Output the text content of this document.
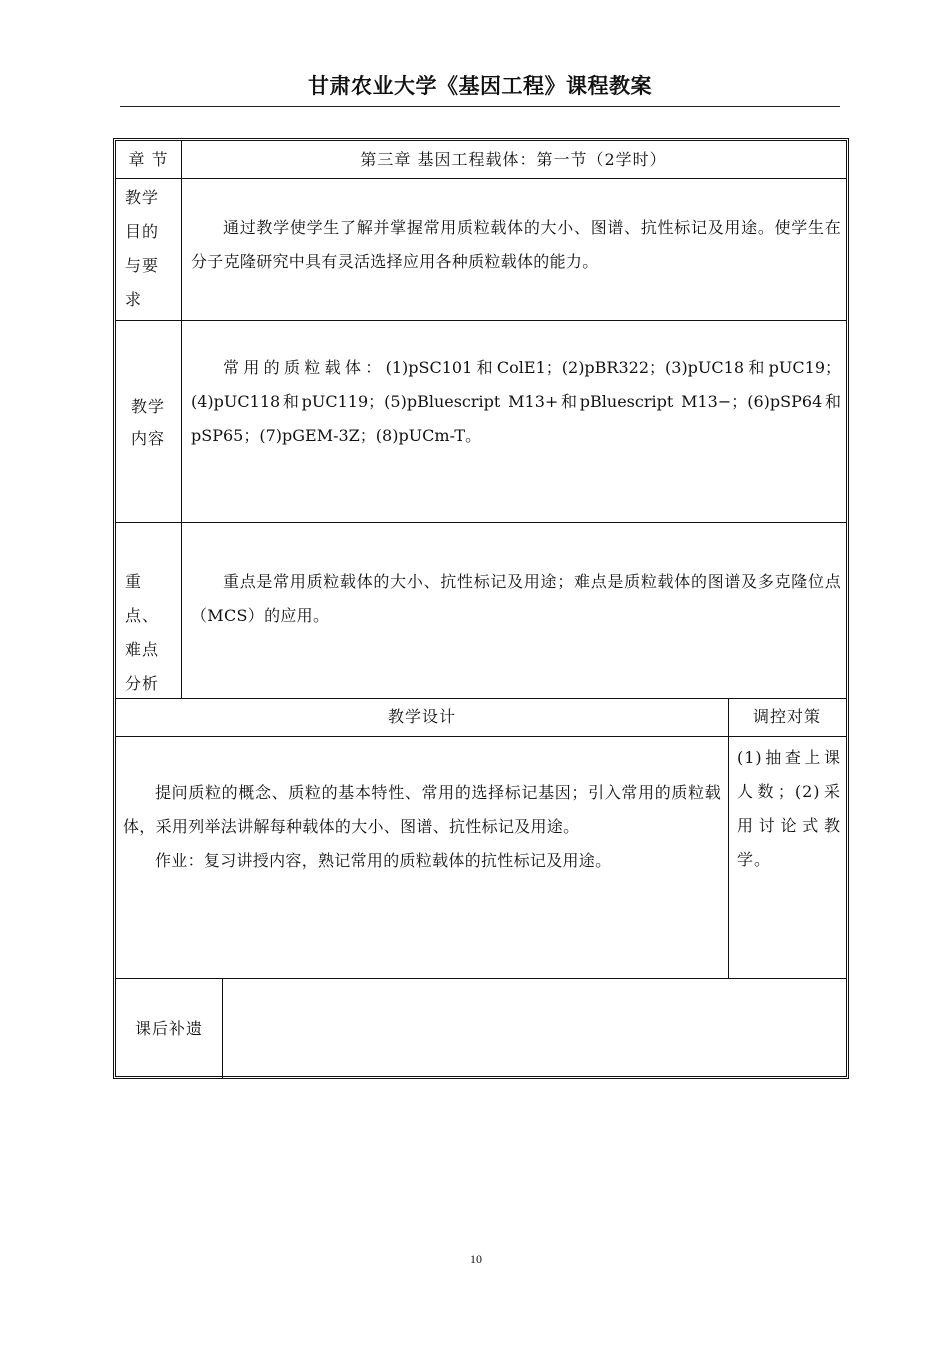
甘肃农业大学《基因工程》课程教案
章 节	第三章 基因工程载体：第一节（2学时）
教学目的与要求
通过教学使学生了解并掌握常用质粒载体的大小、图谱、抗性标记及用途。使学生在分子克隆研究中具有灵活选择应用各种质粒载体的能力。
教学内容
常用的质粒载体：(1)pSC101和ColE1；(2)pBR322；(3)pUC18和pUC19；(4)pUC118和pUC119；(5)pBluescript M13+和pBluescript M13−；(6)pSP64和pSP65；(7)pGEM-3Z；(8)pUCm-T。
重点、难点分析
重点是常用质粒载体的大小、抗性标记及用途；难点是质粒载体的图谱及多克隆位点（MCS）的应用。
教学设计	调控对策
提问质粒的概念、质粒的基本特性、常用的选择标记基因；引入常用的质粒载体，采用列举法讲解每种载体的大小、图谱、抗性标记及用途。
作业：复习讲授内容，熟记常用的质粒载体的抗性标记及用途。
(1)抽查上课人数；(2)采用讨论式教学。
课后补遗
10
